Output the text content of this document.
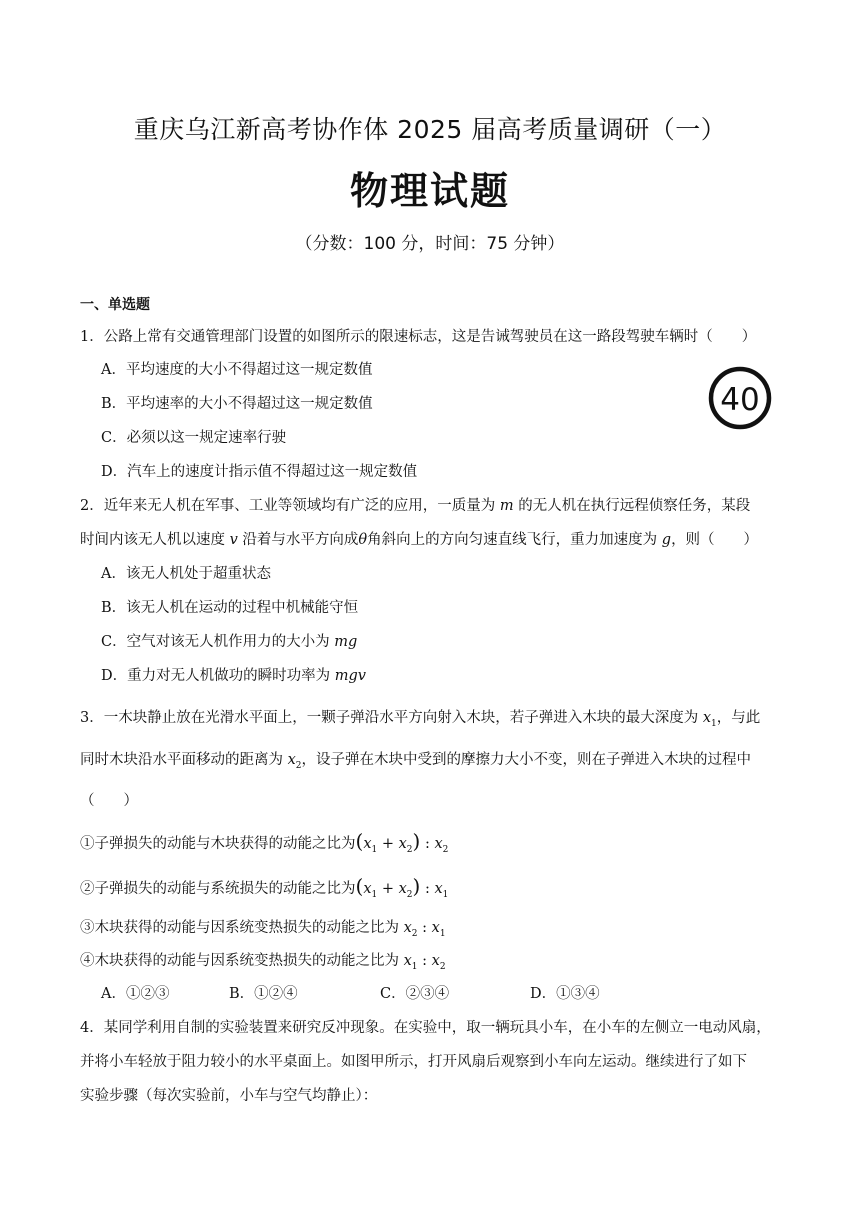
重庆乌江新高考协作体 2025 届高考质量调研（一）
物理试题
（分数：100 分，时间：75 分钟）
一、单选题
1．公路上常有交通管理部门设置的如图所示的限速标志，这是告诫驾驶员在这一路段驾驶车辆时（　　）
A．平均速度的大小不得超过这一规定数值
B．平均速率的大小不得超过这一规定数值
C．必须以这一规定速率行驶
D．汽车上的速度计指示值不得超过这一规定数值
40
2．近年来无人机在军事、工业等领域均有广泛的应用，一质量为 m 的无人机在执行远程侦察任务，某段
时间内该无人机以速度 v 沿着与水平方向成θ角斜向上的方向匀速直线飞行，重力加速度为 g，则（　　）
A．该无人机处于超重状态
B．该无人机在运动的过程中机械能守恒
C．空气对该无人机作用力的大小为 mg
D．重力对无人机做功的瞬时功率为 mgv
3．一木块静止放在光滑水平面上，一颗子弹沿水平方向射入木块，若子弹进入木块的最大深度为 $x_1$，与此
同时木块沿水平面移动的距离为 $x_2$，设子弹在木块中受到的摩擦力大小不变，则在子弹进入木块的过程中
（　　）
①子弹损失的动能与木块获得的动能之比为$(x_1 + x_2)$ : $x_2$
②子弹损失的动能与系统损失的动能之比为$(x_1 + x_2)$ : $x_1$
③木块获得的动能与因系统变热损失的动能之比为 $x_2$ : $x_1$
④木块获得的动能与因系统变热损失的动能之比为 $x_1$ : $x_2$
A．①②③	B．①②④	C．②③④	D．①③④
4．某同学利用自制的实验装置来研究反冲现象。在实验中，取一辆玩具小车，在小车的左侧立一电动风扇，
并将小车轻放于阻力较小的水平桌面上。如图甲所示，打开风扇后观察到小车向左运动。继续进行了如下
实验步骤（每次实验前，小车与空气均静止）：
